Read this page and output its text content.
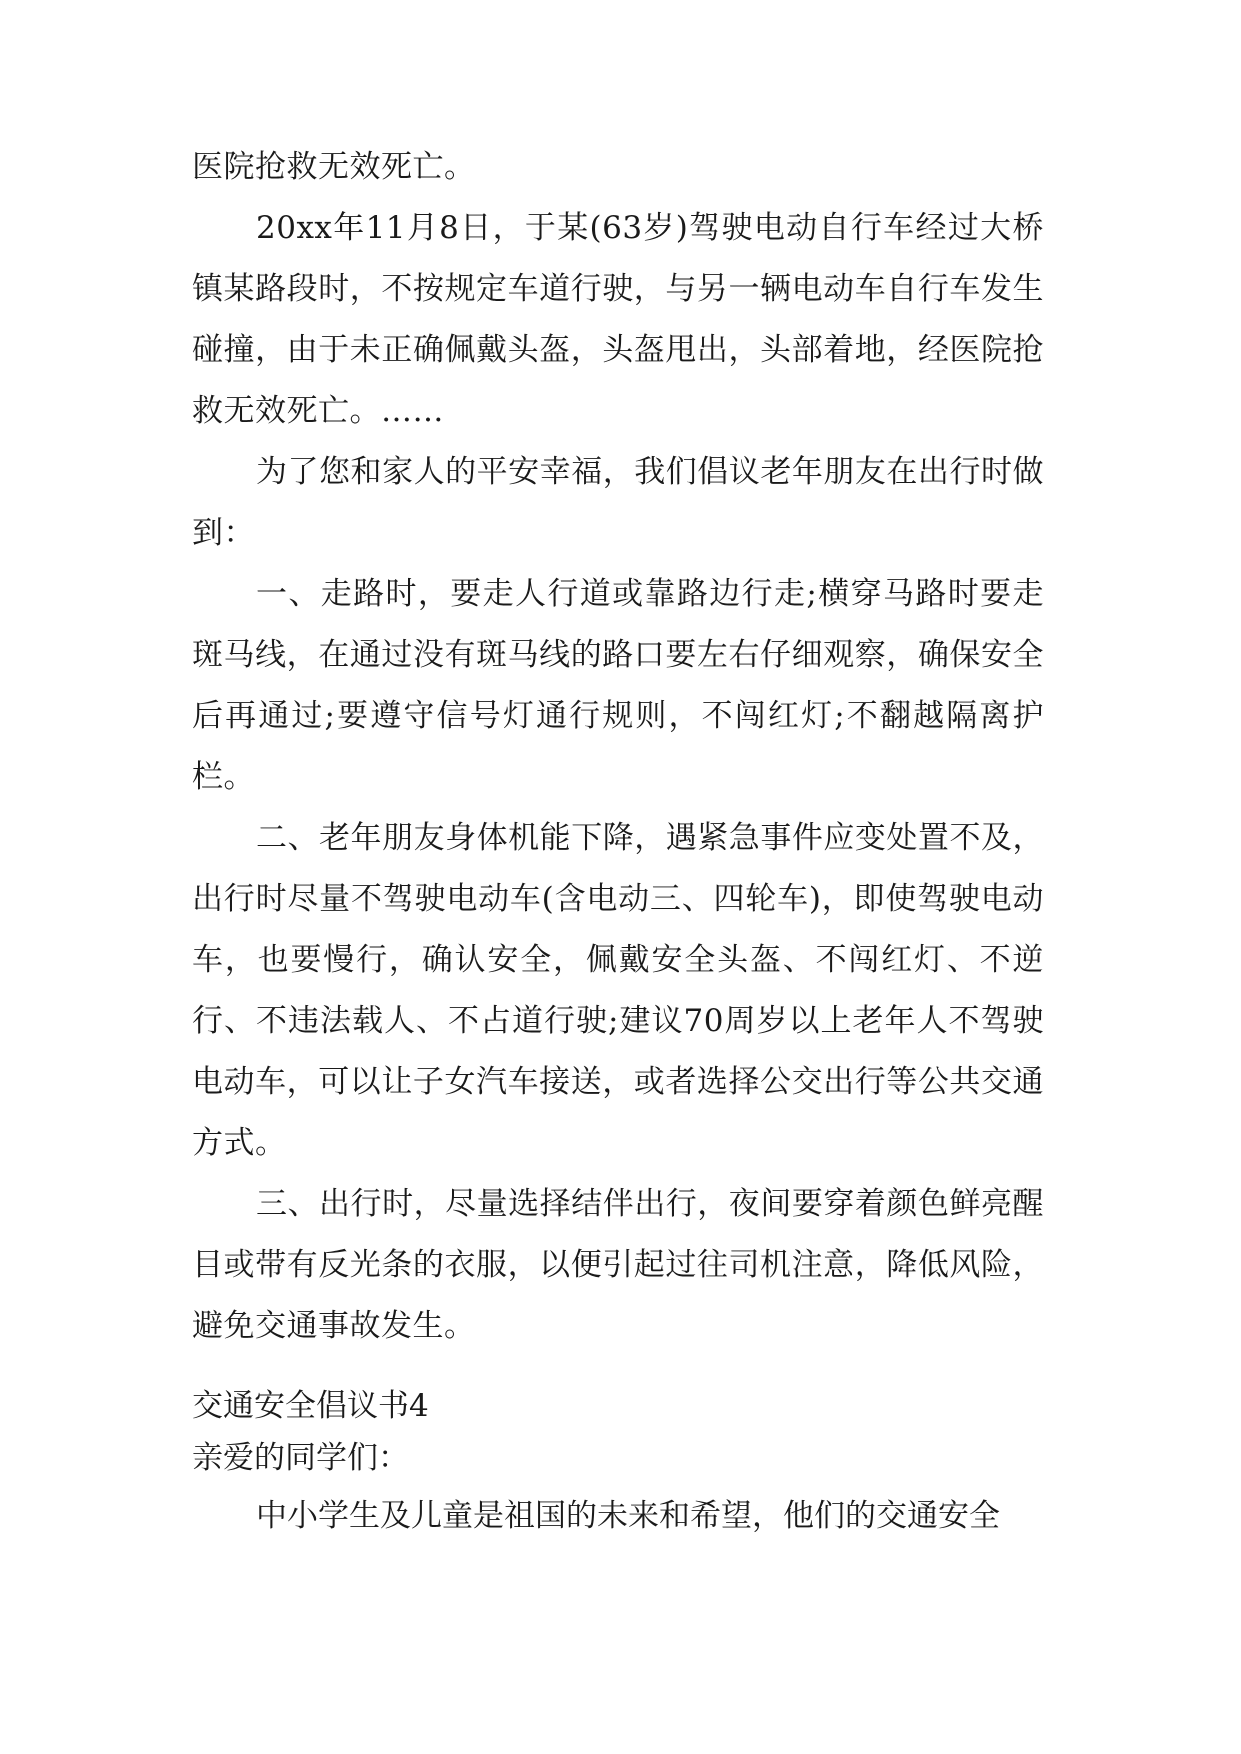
医院抢救无效死亡。

20xx年11月8日，于某(63岁)驾驶电动自行车经过大桥镇某路段时，不按规定车道行驶，与另一辆电动车自行车发生碰撞，由于未正确佩戴头盔，头盔甩出，头部着地，经医院抢救无效死亡。……

为了您和家人的平安幸福，我们倡议老年朋友在出行时做到：

一、走路时，要走人行道或靠路边行走;横穿马路时要走斑马线，在通过没有斑马线的路口要左右仔细观察，确保安全后再通过;要遵守信号灯通行规则，不闯红灯;不翻越隔离护栏。

二、老年朋友身体机能下降，遇紧急事件应变处置不及，出行时尽量不驾驶电动车(含电动三、四轮车)，即使驾驶电动车，也要慢行，确认安全，佩戴安全头盔、不闯红灯、不逆行、不违法载人、不占道行驶;建议70周岁以上老年人不驾驶电动车，可以让子女汽车接送，或者选择公交出行等公共交通方式。

三、出行时，尽量选择结伴出行，夜间要穿着颜色鲜亮醒目或带有反光条的衣服，以便引起过往司机注意，降低风险，避免交通事故发生。

交通安全倡议书4
亲爱的同学们：
中小学生及儿童是祖国的未来和希望，他们的交通安全
